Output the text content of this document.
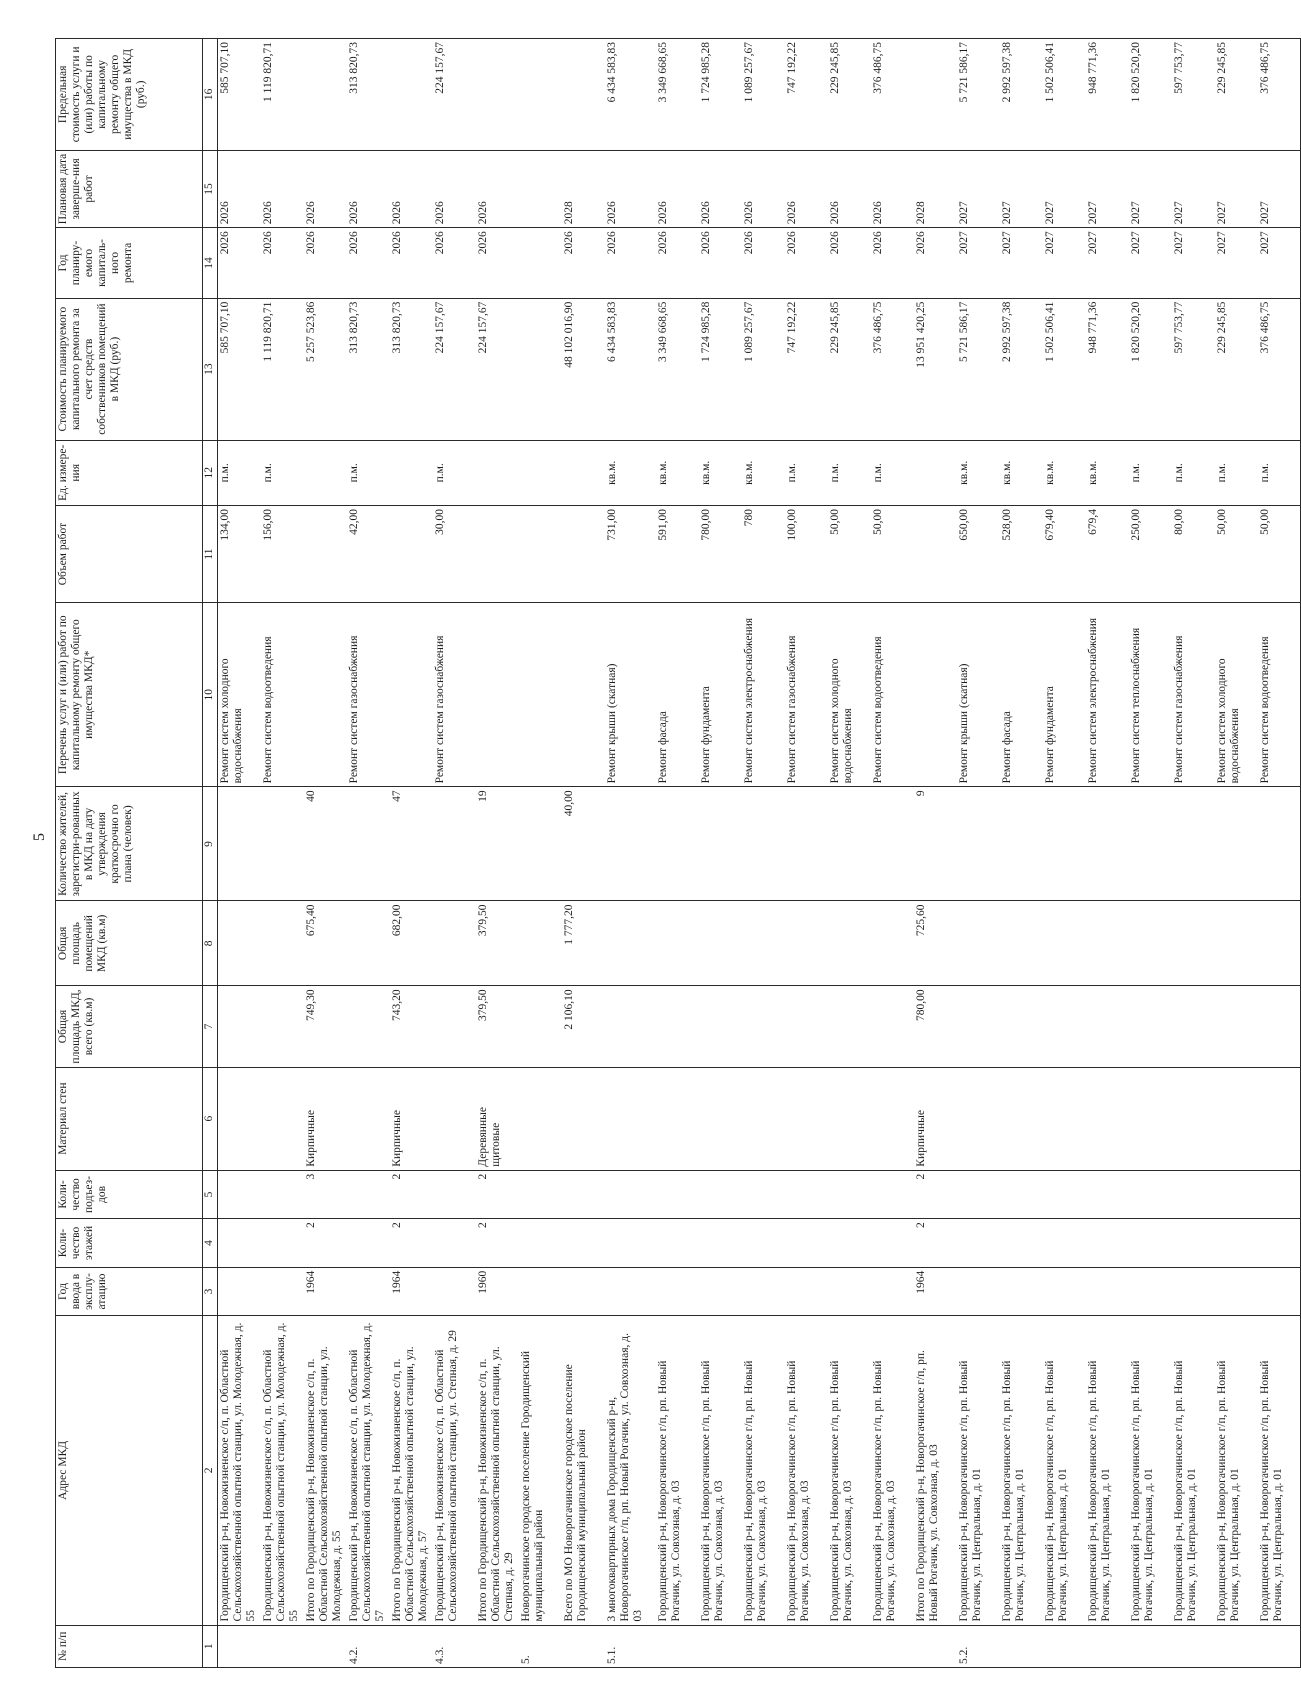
5
№ п/п	Адрес МКД	Год ввода в эксплу-атацию	Коли-чество этажей	Коли-чество подъез-дов	Материал стен	Общая площадь МКД, всего (кв.м)	Общая площадь помещений МКД (кв.м)	Количество жителей, зарегистри-рованных в МКД на дату утверждения краткосрочно го плана (человек)	Перечень услуг и (или) работ по капитальному ремонту общего имущества МКД*	Объем работ	Ед. измере-ния	Стоимость планируемого капитального ремонта за счет средств собственников помещений в МКД (руб.)	Год планиру-емого капиталь-ного ремонта	Плановая дата заверше-ния работ	Предельная стоимость услуги и (или) работы по капитальному ремонту общего имущества в МКД (руб.)
1	2	3	4	5	6	7	8	9	10	11	12	13	14	15	16
	Городищенский р-н, Новожизненское с/п, п. Областной Сельскохозяйственной опытной станции, ул. Молодежная, д. 55								Ремонт систем холодного водоснабжения	134,00	п.м.	585 707,10	2026	2026	585 707,10
	Городищенский р-н, Новожизненское с/п, п. Областной Сельскохозяйственной опытной станции, ул. Молодежная, д. 55								Ремонт систем водоотведения	156,00	п.м.	1 119 820,71	2026	2026	1 119 820,71
	Итого по Городищенский р-н, Новожизненское с/п, п. Областной Сельскохозяйственной опытной станции, ул. Молодежная, д. 55	1964	2	3	Кирпичные	749,30	675,40	40				5 257 523,86	2026	2026	
4.2.	Городищенский р-н, Новожизненское с/п, п. Областной Сельскохозяйственной опытной станции, ул. Молодежная, д. 57								Ремонт систем газоснабжения	42,00	п.м.	313 820,73	2026	2026	313 820,73
	Итого по Городищенский р-н, Новожизненское с/п, п. Областной Сельскохозяйственной опытной станции, ул. Молодежная, д. 57	1964	2	2	Кирпичные	743,20	682,00	47				313 820,73	2026	2026	
4.3.	Городищенский р-н, Новожизненское с/п, п. Областной Сельскохозяйственной опытной станции, ул. Степная, д. 29								Ремонт систем газоснабжения	30,00	п.м.	224 157,67	2026	2026	224 157,67
	Итого по Городищенский р-н, Новожизненское с/п, п. Областной Сельскохозяйственной опытной станции, ул. Степная, д. 29	1960	2	2	Деревянные щитовые	379,50	379,50	19				224 157,67	2026	2026	
5.	Новорогачинское городское поселение Городищенский муниципальный район														
	Всего по МО Новорогачинское городское поселение Городищенский муниципальный район					2 106,10	1 777,20	40,00				48 102 016,90	2026	2028	
5.1.	3 многоквартирных дома Городищенский р-н, Новорогачинское г/п, рп. Новый Рогачик, ул. Совхозная, д. 03								Ремонт крыши (скатная)	731,00	кв.м.	6 434 583,83	2026	2026	6 434 583,83
	Городищенский р-н, Новорогачинское г/п, рп. Новый Рогачик, ул. Совхозная, д. 03								Ремонт фасада	591,00	кв.м.	3 349 668,65	2026	2026	3 349 668,65
	Городищенский р-н, Новорогачинское г/п, рп. Новый Рогачик, ул. Совхозная, д. 03								Ремонт фундамента	780,00	кв.м.	1 724 985,28	2026	2026	1 724 985,28
	Городищенский р-н, Новорогачинское г/п, рп. Новый Рогачик, ул. Совхозная, д. 03								Ремонт систем электроснабжения	780	кв.м.	1 089 257,67	2026	2026	1 089 257,67
	Городищенский р-н, Новорогачинское г/п, рп. Новый Рогачик, ул. Совхозная, д. 03								Ремонт систем газоснабжения	100,00	п.м.	747 192,22	2026	2026	747 192,22
	Городищенский р-н, Новорогачинское г/п, рп. Новый Рогачик, ул. Совхозная, д. 03								Ремонт систем холодного водоснабжения	50,00	п.м.	229 245,85	2026	2026	229 245,85
	Городищенский р-н, Новорогачинское г/п, рп. Новый Рогачик, ул. Совхозная, д. 03								Ремонт систем водоотведения	50,00	п.м.	376 486,75	2026	2026	376 486,75
	Итого по Городищенский р-н, Новорогачинское г/п, рп. Новый Рогачик, ул. Совхозная, д. 03	1964	2	2	Кирпичные	780,00	725,60	9				13 951 420,25	2026	2028	
5.2.	Городищенский р-н, Новорогачинское г/п, рп. Новый Рогачик, ул. Центральная, д. 01								Ремонт крыши (скатная)	650,00	кв.м.	5 721 586,17	2027	2027	5 721 586,17
	Городищенский р-н, Новорогачинское г/п, рп. Новый Рогачик, ул. Центральная, д. 01								Ремонт фасада	528,00	кв.м.	2 992 597,38	2027	2027	2 992 597,38
	Городищенский р-н, Новорогачинское г/п, рп. Новый Рогачик, ул. Центральная, д. 01								Ремонт фундамента	679,40	кв.м.	1 502 506,41	2027	2027	1 502 506,41
	Городищенский р-н, Новорогачинское г/п, рп. Новый Рогачик, ул. Центральная, д. 01								Ремонт систем электроснабжения	679,4	кв.м.	948 771,36	2027	2027	948 771,36
	Городищенский р-н, Новорогачинское г/п, рп. Новый Рогачик, ул. Центральная, д. 01								Ремонт систем теплоснабжения	250,00	п.м.	1 820 520,20	2027	2027	1 820 520,20
	Городищенский р-н, Новорогачинское г/п, рп. Новый Рогачик, ул. Центральная, д. 01								Ремонт систем газоснабжения	80,00	п.м.	597 753,77	2027	2027	597 753,77
	Городищенский р-н, Новорогачинское г/п, рп. Новый Рогачик, ул. Центральная, д. 01								Ремонт систем холодного водоснабжения	50,00	п.м.	229 245,85	2027	2027	229 245,85
	Городищенский р-н, Новорогачинское г/п, рп. Новый Рогачик, ул. Центральная, д. 01								Ремонт систем водоотведения	50,00	п.м.	376 486,75	2027	2027	376 486,75
